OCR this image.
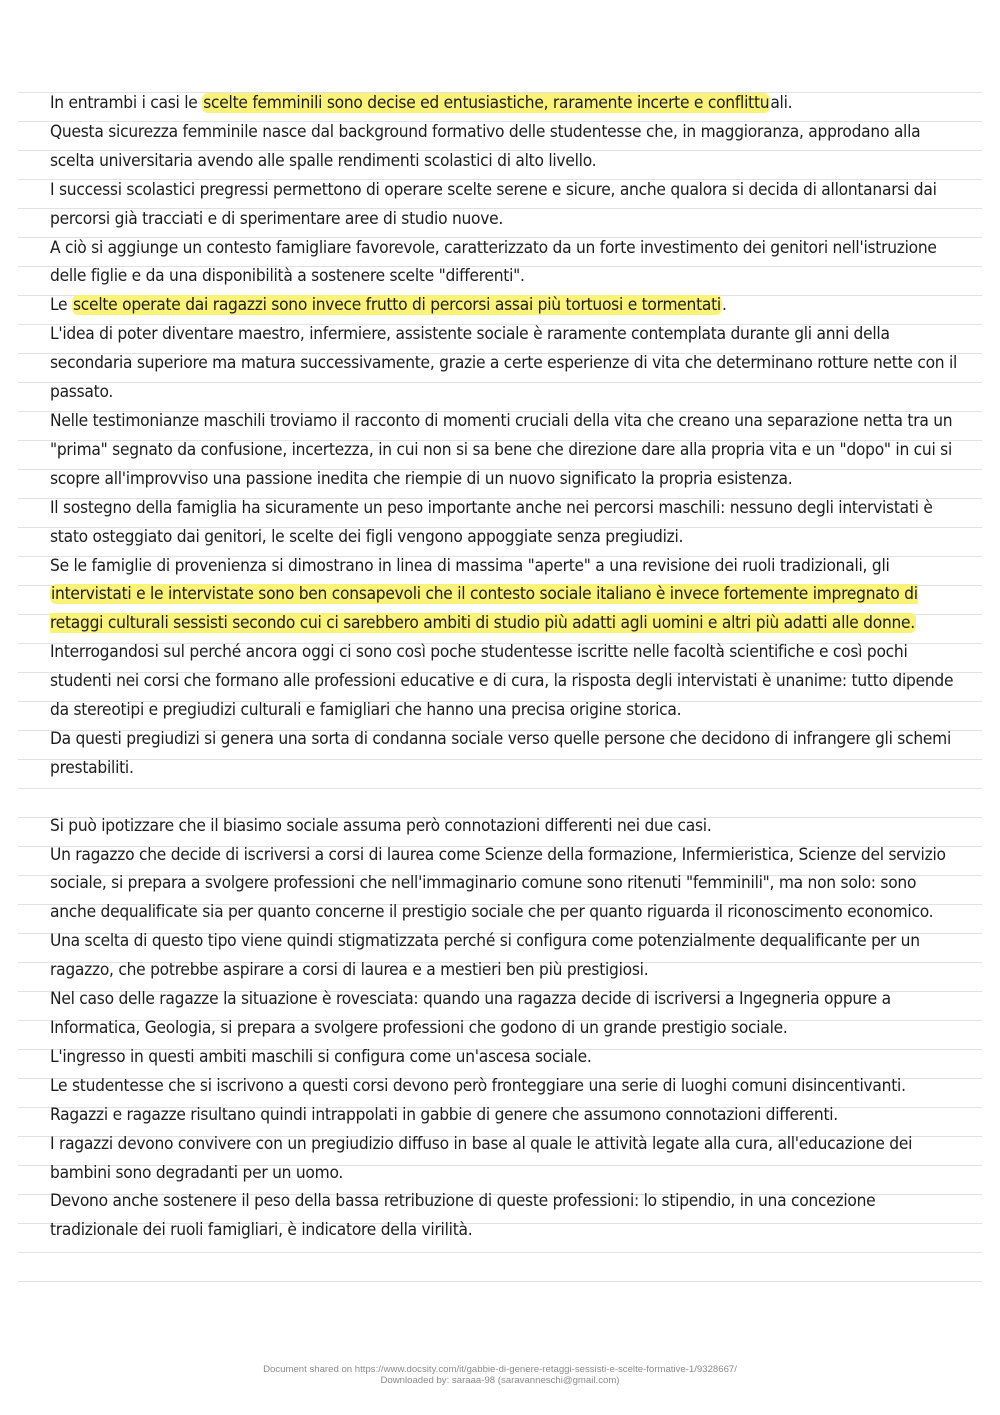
In entrambi i casi le scelte femminili sono decise ed entusiastiche, raramente incerte e conflittuali.

Questa sicurezza femminile nasce dal background formativo delle studentesse che, in maggioranza, approdano alla scelta universitaria avendo alle spalle rendimenti scolastici di alto livello.

I successi scolastici pregressi permettono di operare scelte serene e sicure, anche qualora si decida di allontanarsi dai percorsi già tracciati e di sperimentare aree di studio nuove.

A ciò si aggiunge un contesto famigliare favorevole, caratterizzato da un forte investimento dei genitori nell'istruzione delle figlie e da una disponibilità a sostenere scelte "differenti".

Le scelte operate dai ragazzi sono invece frutto di percorsi assai più tortuosi e tormentati.

L'idea di poter diventare maestro, infermiere, assistente sociale è raramente contemplata durante gli anni della secondaria superiore ma matura successivamente, grazie a certe esperienze di vita che determinano rotture nette con il passato.

Nelle testimonianze maschili troviamo il racconto di momenti cruciali della vita che creano una separazione netta tra un "prima" segnato da confusione, incertezza, in cui non si sa bene che direzione dare alla propria vita e un "dopo" in cui si scopre all'improvviso una passione inedita che riempie di un nuovo significato la propria esistenza.

Il sostegno della famiglia ha sicuramente un peso importante anche nei percorsi maschili: nessuno degli intervistati è stato osteggiato dai genitori, le scelte dei figli vengono appoggiate senza pregiudizi.

Se le famiglie di provenienza si dimostrano in linea di massima "aperte" a una revisione dei ruoli tradizionali, gli intervistati e le intervistate sono ben consapevoli che il contesto sociale italiano è invece fortemente impregnato di retaggi culturali sessisti secondo cui ci sarebbero ambiti di studio più adatti agli uomini e altri più adatti alle donne.

Interrogandosi sul perché ancora oggi ci sono così poche studentesse iscritte nelle facoltà scientifiche e così pochi studenti nei corsi che formano alle professioni educative e di cura, la risposta degli intervistati è unanime: tutto dipende da stereotipi e pregiudizi culturali e famigliari che hanno una precisa origine storica.

Da questi pregiudizi si genera una sorta di condanna sociale verso quelle persone che decidono di infrangere gli schemi prestabiliti.

Si può ipotizzare che il biasimo sociale assuma però connotazioni differenti nei due casi.

Un ragazzo che decide di iscriversi a corsi di laurea come Scienze della formazione, Infermieristica, Scienze del servizio sociale, si prepara a svolgere professioni che nell'immaginario comune sono ritenuti "femminili", ma non solo: sono anche dequalificate sia per quanto concerne il prestigio sociale che per quanto riguarda il riconoscimento economico.

Una scelta di questo tipo viene quindi stigmatizzata perché si configura come potenzialmente dequalificante per un ragazzo, che potrebbe aspirare a corsi di laurea e a mestieri ben più prestigiosi.

Nel caso delle ragazze la situazione è rovesciata: quando una ragazza decide di iscriversi a Ingegneria oppure a Informatica, Geologia, si prepara a svolgere professioni che godono di un grande prestigio sociale.

L'ingresso in questi ambiti maschili si configura come un'ascesa sociale.

Le studentesse che si iscrivono a questi corsi devono però fronteggiare una serie di luoghi comuni disincentivanti.

Ragazzi e ragazze risultano quindi intrappolati in gabbie di genere che assumono connotazioni differenti.

I ragazzi devono convivere con un pregiudizio diffuso in base al quale le attività legate alla cura, all'educazione dei bambini sono degradanti per un uomo.

Devono anche sostenere il peso della bassa retribuzione di queste professioni: lo stipendio, in una concezione tradizionale dei ruoli famigliari, è indicatore della virilità.

Document shared on https://www.docsity.com/it/gabbie-di-genere-retaggi-sessisti-e-scelte-formative-1/9328667/
Downloaded by: saraaa-98 (saravanneschi@gmail.com)
